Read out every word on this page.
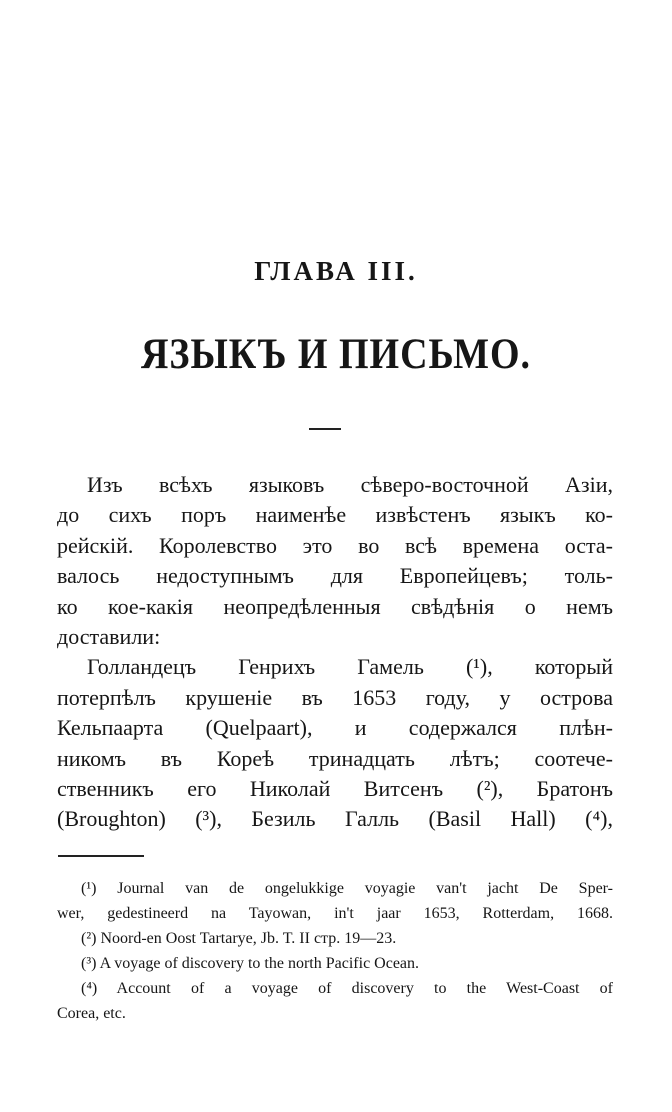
ГЛАВА III.
ЯЗЫКЪ И ПИСЬМО.
Изъ всѣхъ языковъ сѣверо-восточной Азіи,
до сихъ поръ наименѣе извѣстенъ языкъ ко-
рейскій. Королевство это во всѣ времена оста-
валось недоступнымъ для Европейцевъ; толь-
ко кое-какія неопредѣленныя свѣдѣнія о немъ
доставили:
Голландецъ Генрихъ Гамель (¹), который
потерпѣлъ крушеніе въ 1653 году, у острова
Кельпаарта (Quelpaart), и содержался плѣн-
никомъ въ Кореѣ тринадцать лѣтъ; соотече-
ственникъ его Николай Витсенъ (²), Братонъ
(Broughton) (³), Безиль Галль (Basil Hall) (⁴),
(¹) Journal van de ongelukkige voyagie van't jacht De Sper-
wer, gedestineerd na Tayowan, in't jaar 1653, Rotterdam, 1668.
(²) Noord-en Oost Tartarye, Jb. T. II стр. 19—23.
(³) A voyage of discovery to the north Pacific Ocean.
(⁴) Account of a voyage of discovery to the West-Coast of
Corea, etc.
